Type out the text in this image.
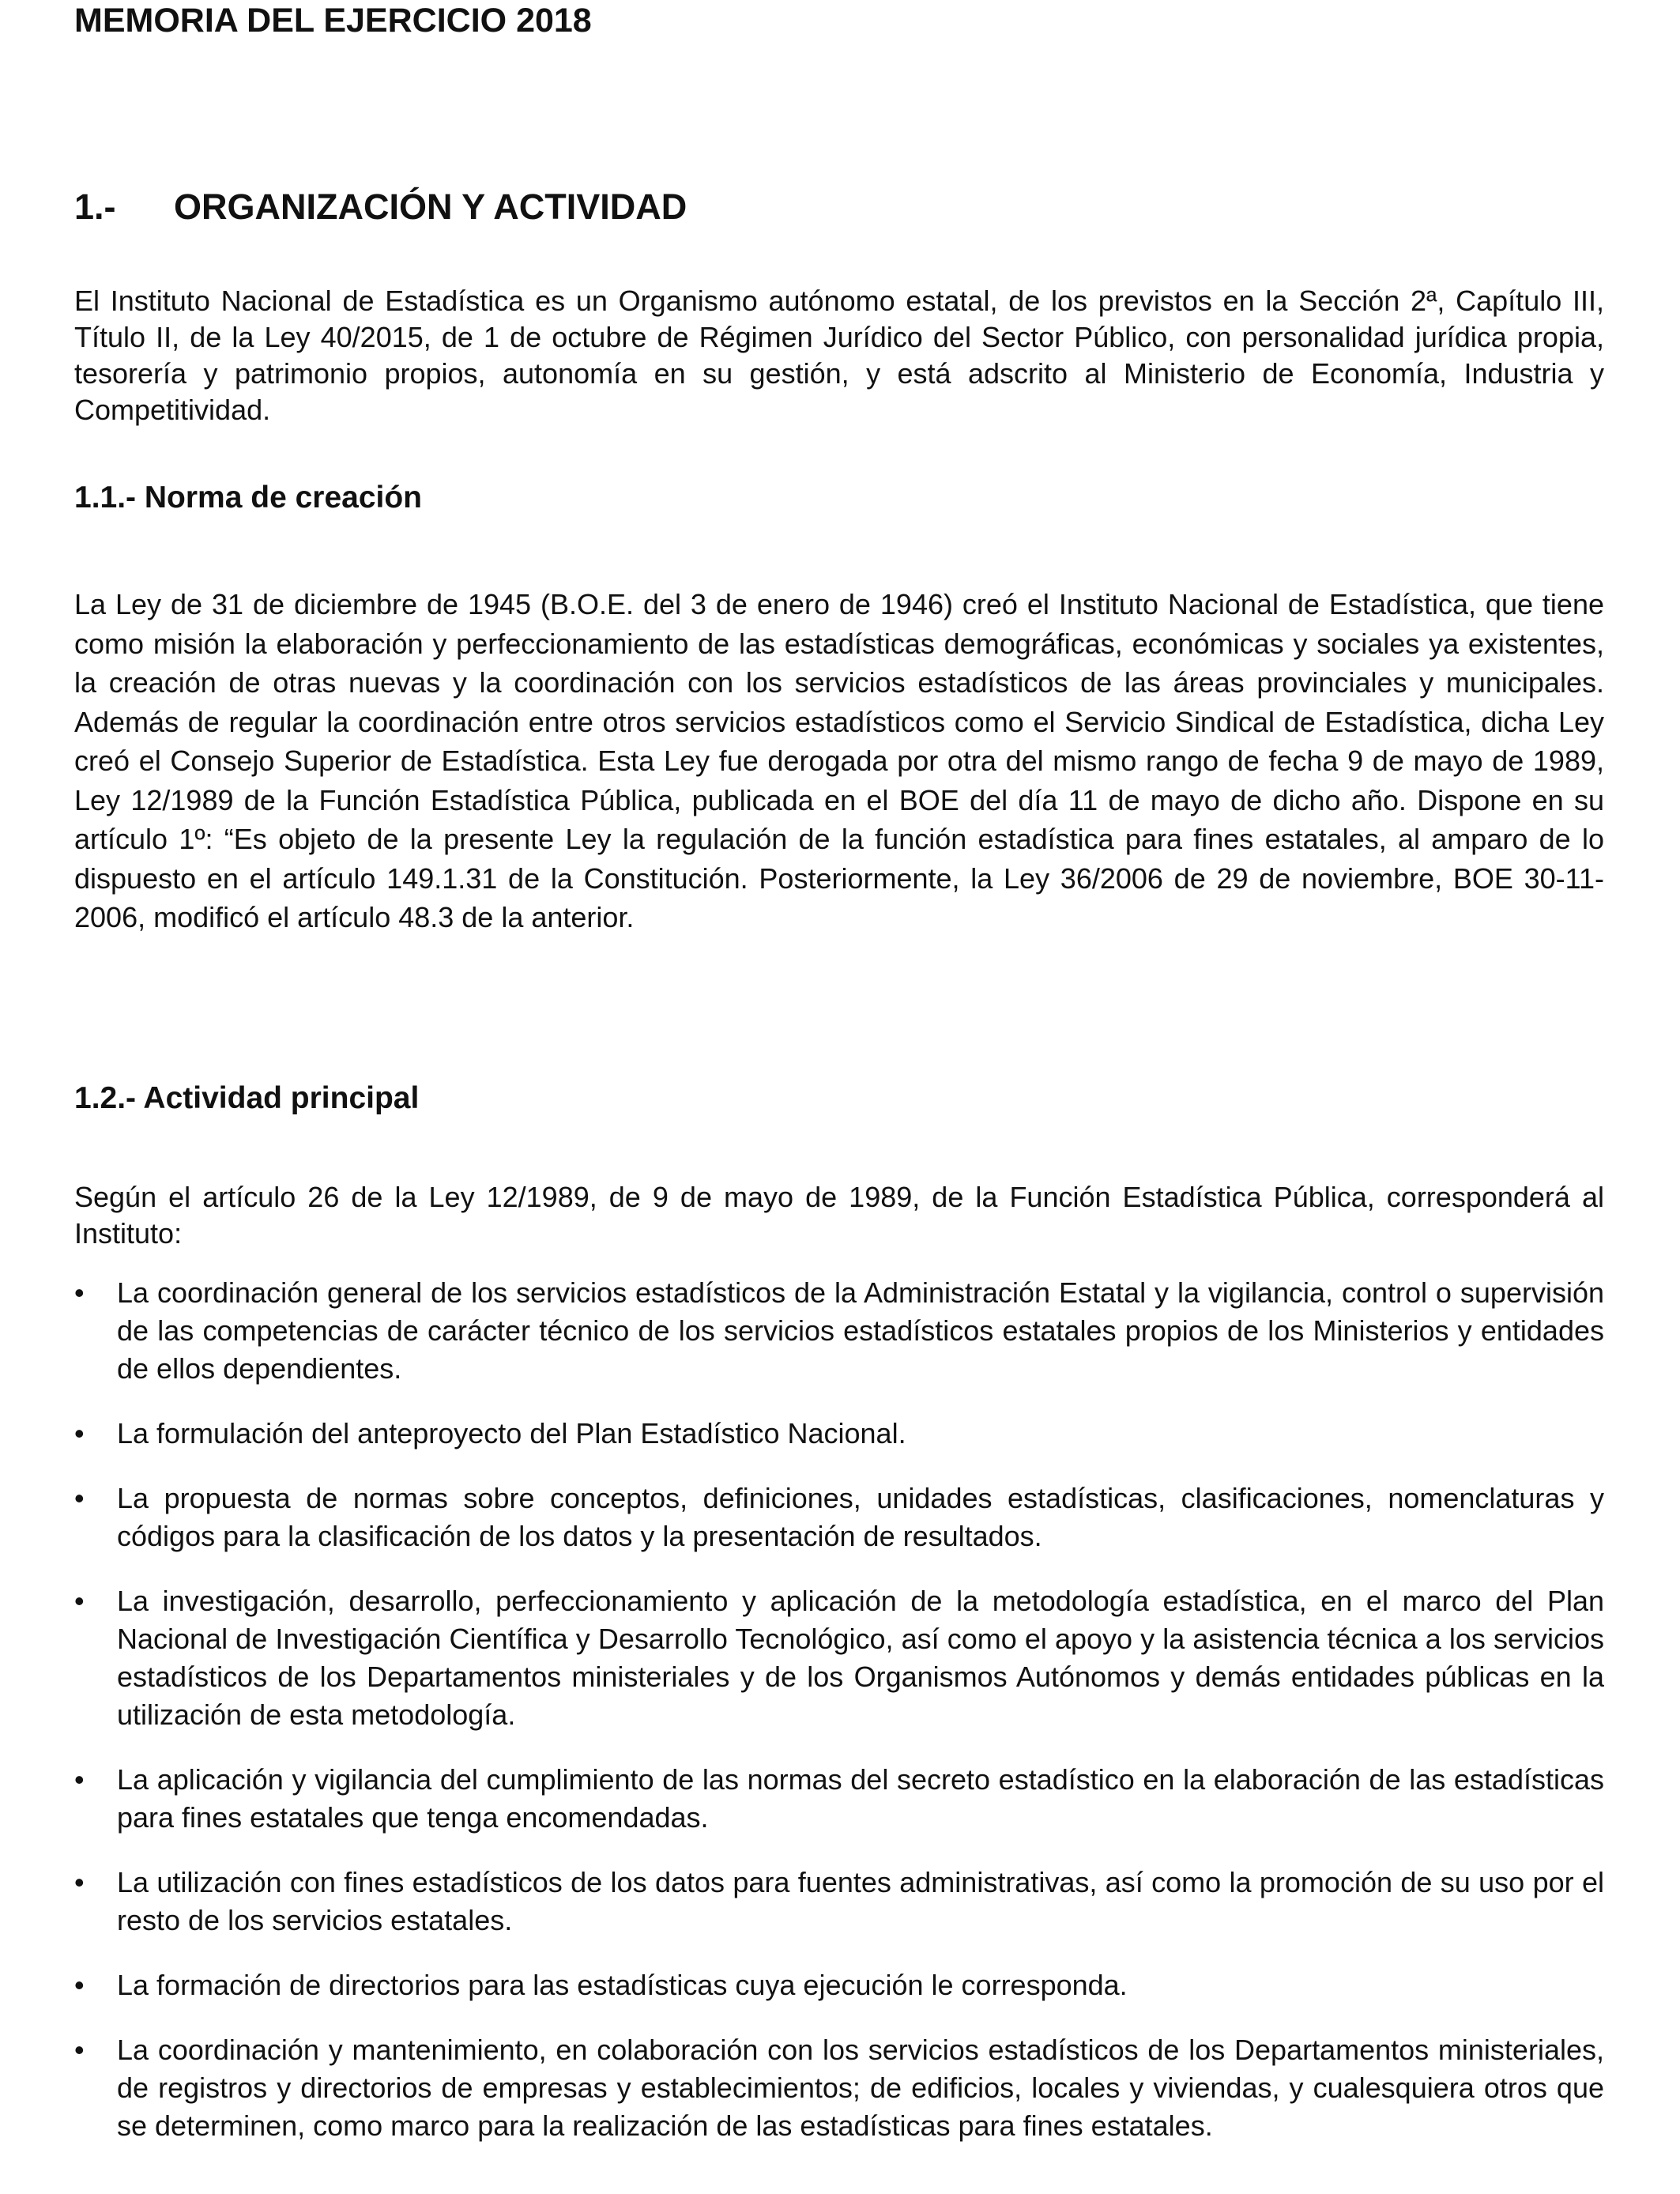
MEMORIA DEL EJERCICIO 2018
1.-	ORGANIZACIÓN Y ACTIVIDAD

El Instituto Nacional de Estadística es un Organismo autónomo estatal, de los previstos en la Sección 2ª, Capítulo III, Título II, de la Ley 40/2015, de 1 de octubre de Régimen Jurídico del Sector Público, con personalidad jurídica propia, tesorería y patrimonio propios, autonomía en su gestión, y está adscrito al Ministerio de Economía, Industria y Competitividad.

1.1.- Norma de creación

La Ley de 31 de diciembre de 1945 (B.O.E. del 3 de enero de 1946) creó el Instituto Nacional de Estadística, que tiene como misión la elaboración y perfeccionamiento de las estadísticas demográficas, económicas y sociales ya existentes, la creación de otras nuevas y la coordinación con los servicios estadísticos de las áreas provinciales y municipales. Además de regular la coordinación entre otros servicios estadísticos como el Servicio Sindical de Estadística, dicha Ley creó el Consejo Superior de Estadística. Esta Ley fue derogada por otra del mismo rango de fecha 9 de mayo de 1989, Ley 12/1989 de la Función Estadística Pública, publicada en el BOE del día 11 de mayo de dicho año. Dispone en su artículo 1º: “Es objeto de la presente Ley la regulación de la función estadística para fines estatales, al amparo de lo dispuesto en el artículo 149.1.31 de la Constitución. Posteriormente, la Ley 36/2006 de 29 de noviembre, BOE 30-11-2006, modificó el artículo 48.3 de la anterior.

1.2.- Actividad principal

Según el artículo 26 de la Ley 12/1989, de 9 de mayo de 1989, de la Función Estadística Pública, corresponderá al Instituto:

•	La coordinación general de los servicios estadísticos de la Administración Estatal y la vigilancia, control o supervisión de las competencias de carácter técnico de los servicios estadísticos estatales propios de los Ministerios y entidades de ellos dependientes.
•	La formulación del anteproyecto del Plan Estadístico Nacional.
•	La propuesta de normas sobre conceptos, definiciones, unidades estadísticas, clasificaciones, nomenclaturas y códigos para la clasificación de los datos y la presentación de resultados.
•	La investigación, desarrollo, perfeccionamiento y aplicación de la metodología estadística, en el marco del Plan Nacional de Investigación Científica y Desarrollo Tecnológico, así como el apoyo y la asistencia técnica a los servicios estadísticos de los Departamentos ministeriales y de los Organismos Autónomos y demás entidades públicas en la utilización de esta metodología.
•	La aplicación y vigilancia del cumplimiento de las normas del secreto estadístico en la elaboración de las estadísticas para fines estatales que tenga encomendadas.
•	La utilización con fines estadísticos de los datos para fuentes administrativas, así como la promoción de su uso por el resto de los servicios estatales.
•	La formación de directorios para las estadísticas cuya ejecución le corresponda.
•	La coordinación y mantenimiento, en colaboración con los servicios estadísticos de los Departamentos ministeriales, de registros y directorios de empresas y establecimientos; de edificios, locales y viviendas, y cualesquiera otros que se determinen, como marco para la realización de las estadísticas para fines estatales.
